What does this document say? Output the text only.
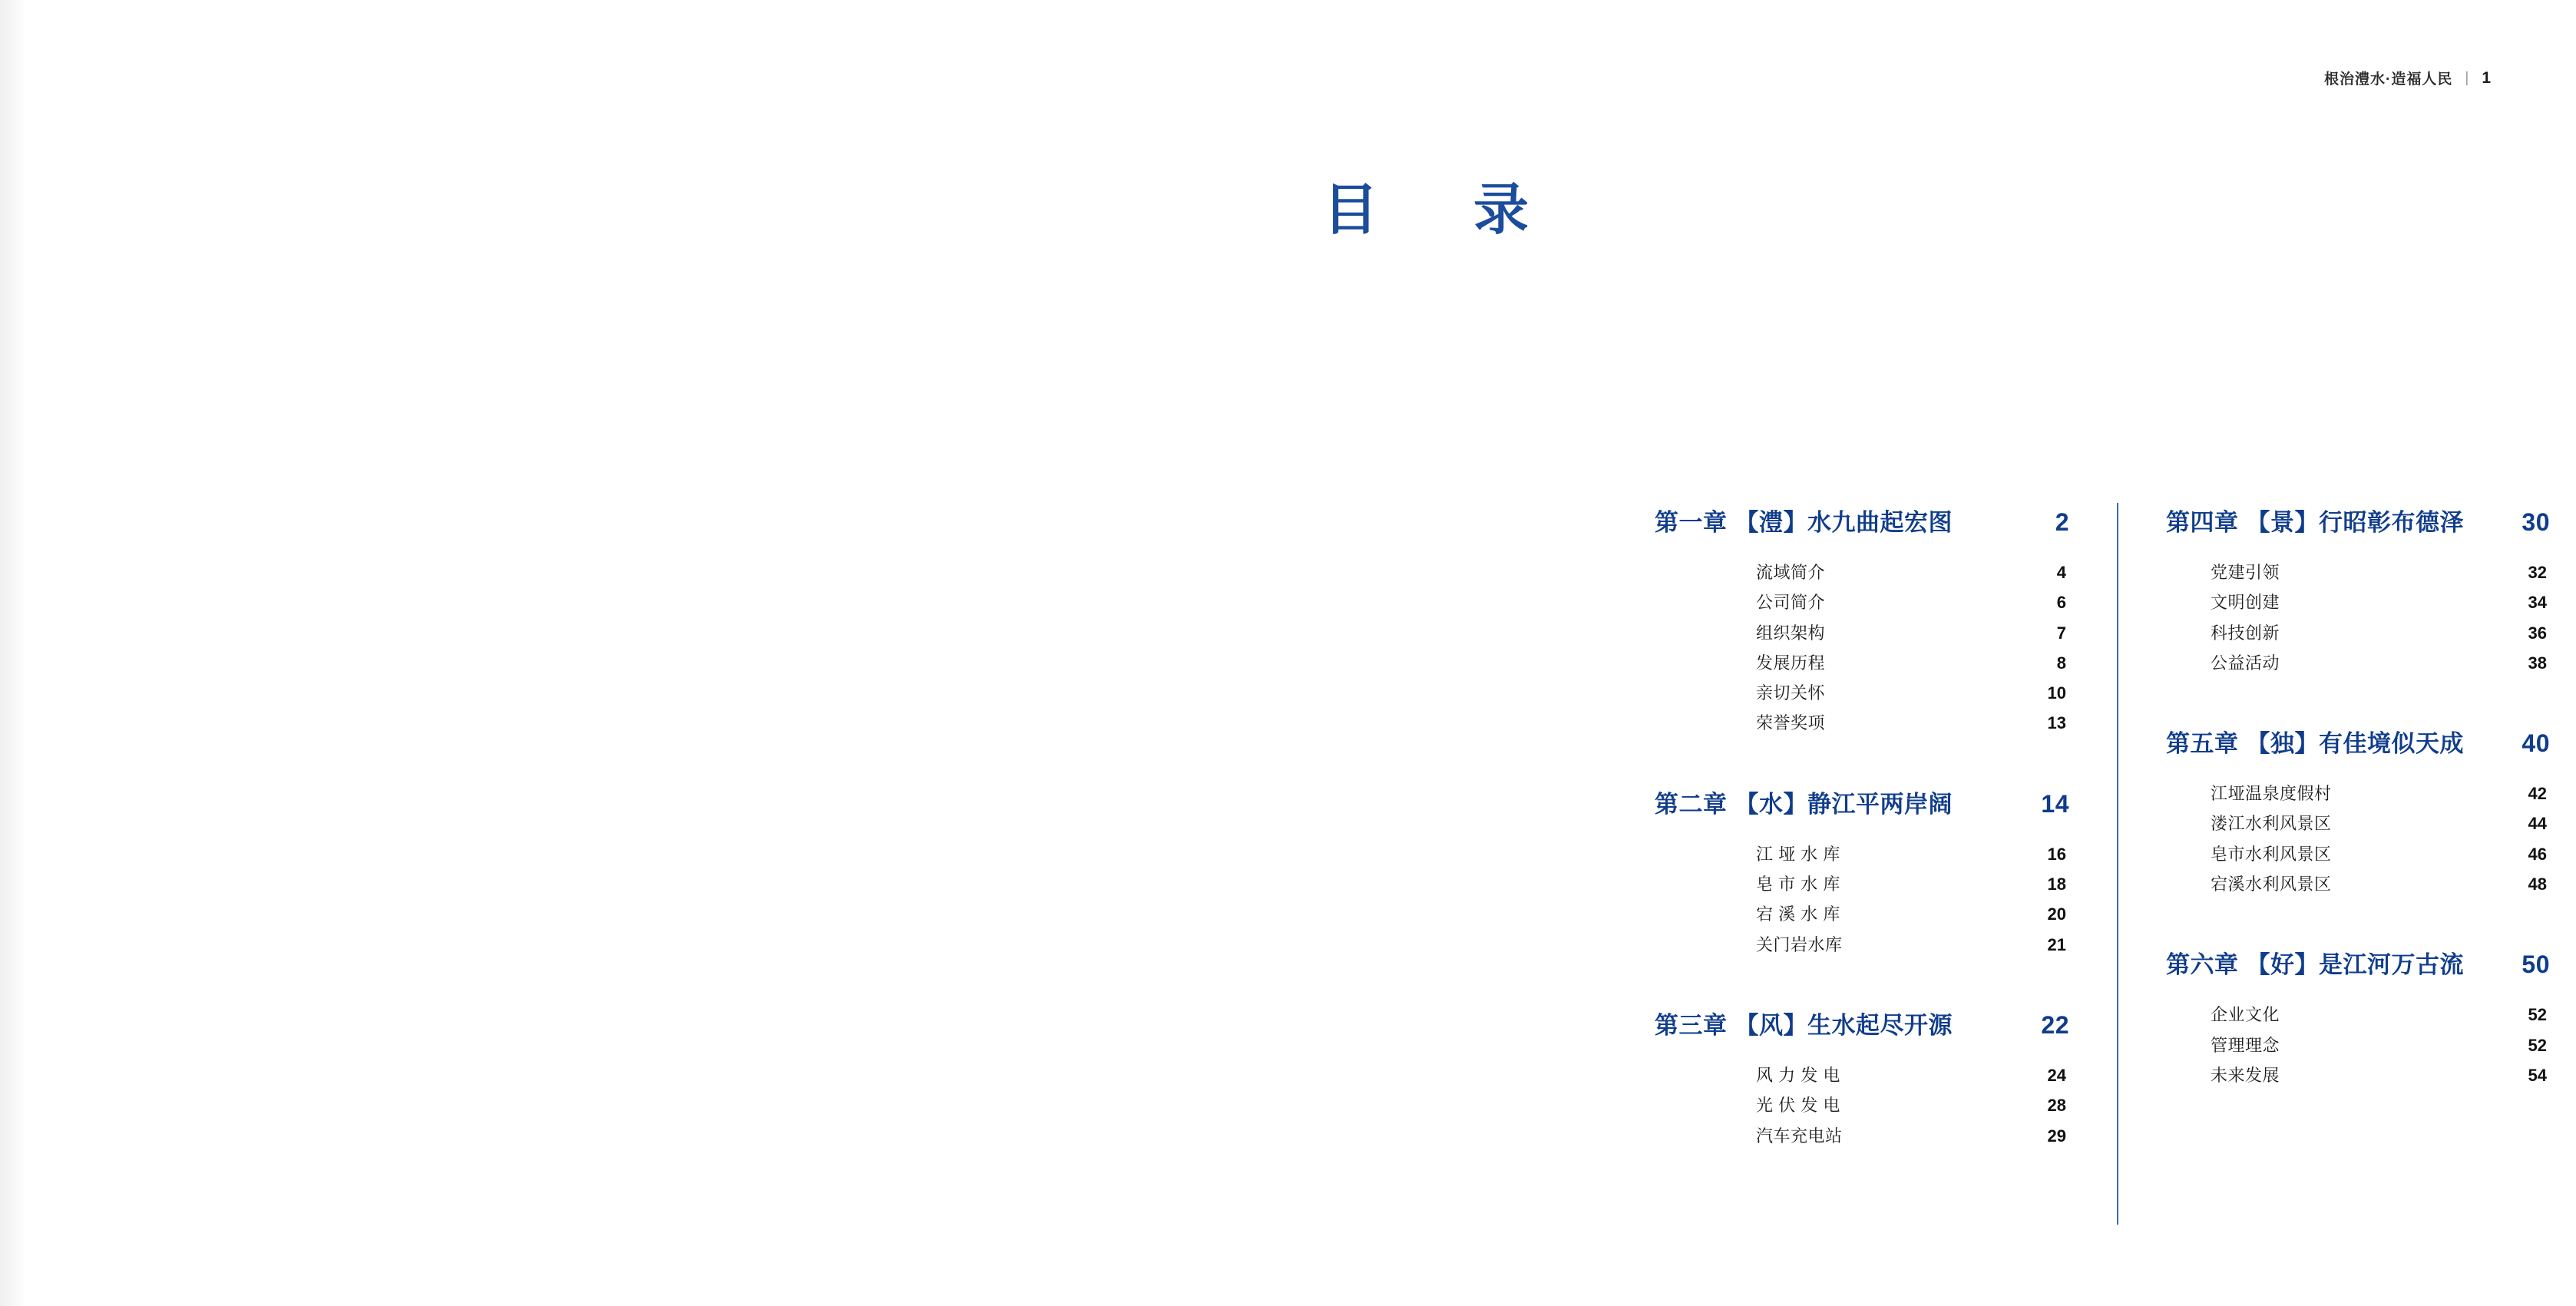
根治澧水·造福人民 | 1
目　录
第一章 【澧】水九曲起宏图	2
流域简介	4
公司简介	6
组织架构	7
发展历程	8
亲切关怀	10
荣誉奖项	13
第二章 【水】静江平两岸阔	14
江 垭 水 库	16
皂 市 水 库	18
宕 溪 水 库	20
关门岩水库	21
第三章 【风】生水起尽开源	22
风 力 发 电	24
光 伏 发 电	28
汽车充电站	29
第四章 【景】行昭彰布德泽	30
党建引领	32
文明创建	34
科技创新	36
公益活动	38
第五章 【独】有佳境似天成	40
江垭温泉度假村	42
溇江水利风景区	44
皂市水利风景区	46
宕溪水利风景区	48
第六章 【好】是江河万古流	50
企业文化	52
管理理念	52
未来发展	54
